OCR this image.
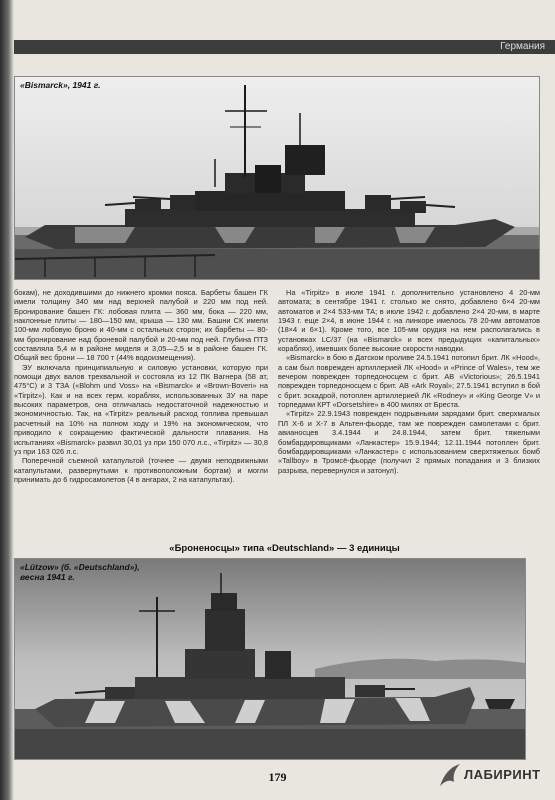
Германия
«Bismarck», 1941 г.

бокам), не доходившими до нижнего кромки пояса. Барбеты башен ГК имели толщину 340 мм над верхней палубой и 220 мм под ней. Бронирование башен ГК: лобовая плита — 360 мм, бока — 220 мм, наклонные плиты — 180—150 мм, крыша — 130 мм. Башни СК имели 100-мм лобовую броню и 40-мм с остальных сторон; их барбеты — 80-мм бронирование над броневой палубой и 20-мм под ней. Глубина ПТЗ составляла 5,4 м в районе миделя и 3,05—2,5 м в районе башен ГК. Общий вес брони — 18 700 т (44% водоизмещения).

ЭУ включала принципиальную и силовую установки, которую при помощи двух валов трехвальной и состояла из 12 ПК Вагнера (58 ат, 475°C) и 3 ТЗА («Blohm und Voss» на «Bismarck» и «Brown-Boveri» на «Tirpitz»). Как и на всех герм. кораблях, использованных ЗУ на паре высоких параметров, она отличалась недостаточной надежностью и экономичностью. Так, на «Tirpitz» реальный расход топлива превышал расчетный на 10% на полном ходу и 19% на экономическом, что приводило к сокращению фактической дальности плавания. На испытаниях «Bismarck» развил 30,01 уз при 150 070 л.с., «Tirpitz» — 30,8 уз при 163 026 л.с.

Поперечной съемной катапультой (точнее — двумя неподвижными катапультами, развернутыми к противоположным бортам) и могли принимать до 6 гидросамолетов (4 в ангарах, 2 на катапультах).

На «Tirpitz» в июле 1941 г. дополнительно установлено 4 20-мм автомата; в сентябре 1941 г. столько же снято, добавлено 6×4 20-мм автоматов и 2×4 533-мм ТА; в июле 1942 г. добавлено 2×4 20-мм, в марте 1943 г. еще 2×4, в июне 1944 г. на линкоре имелось 78 20-мм автоматов (18×4 и 6×1). Кроме того, все 105-мм орудия на нем располагались в установках LC/37 (на «Bismarck» и всех предыдущих «капитальных» кораблях), имевших более высокие скорости наводки.

«Bismarck» в бою в Датском проливе 24.5.1941 потопил брит. ЛК «Hood», а сам был поврежден артиллерией ЛК «Hood» и «Prince of Wales», тем же вечером поврежден торпедоносцем с брит. АВ «Victorious»; 26.5.1941 поврежден торпедоносцем с брит. АВ «Ark Royal»; 27.5.1941 вступил в бой с брит. эскадрой, потоплен артиллерией ЛК «Rodney» и «King George V» и торпедами КРТ «Dorsetshire» в 400 милях от Бреста.

«Tirpitz» 22.9.1943 поврежден подрывными зарядами брит. сверхмалых ПЛ Х-6 и Х-7 в Альтен-фьорде, там же поврежден самолетами с брит. авианосцев 3.4.1944 и 24.8.1944, затем брит. тяжелыми бомбардировщиками «Ланкастер» 15.9.1944; 12.11.1944 потоплен брит. бомбардировщиками «Ланкастер» с использованием сверхтяжелых бомб «Tallboy» в Тромсё-фьорде (получил 2 прямых попадания и 3 близких разрыва, перевернулся и затонул).

«Броненосцы» типа «Deutschland» — 3 единицы
«Lützow» (б. «Deutschland»),
весна 1941 г.
179	ЛАБИРИНТ
